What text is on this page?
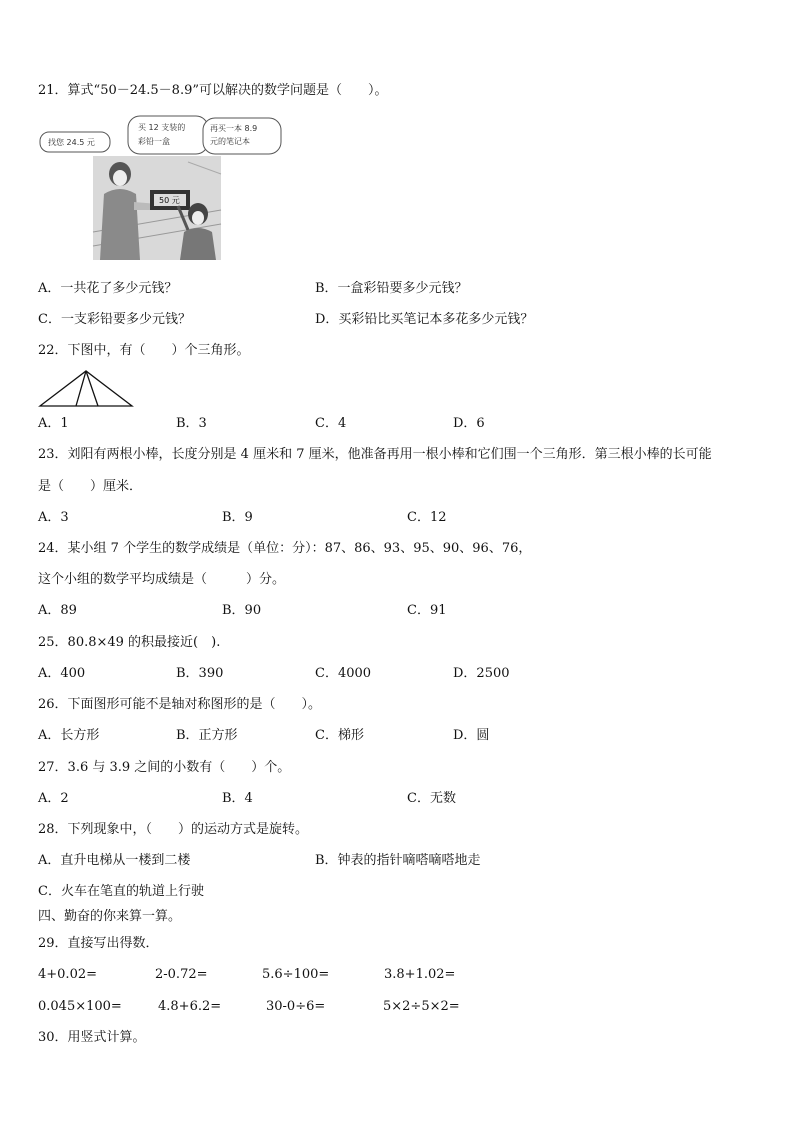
21．算式“50－24.5－8.9”可以解决的数学问题是（　　）。
找您 24.5 元
买 12 支装的
彩铅一盒
再买一本 8.9
元的笔记本
50 元
A．一共花了多少元钱？	B．一盒彩铅要多少元钱？
C．一支彩铅要多少元钱？	D．买彩铅比买笔记本多花多少元钱？
22．下图中，有（　　）个三角形。
A．1	B．3	C．4	D．6
23．刘阳有两根小棒，长度分别是 4 厘米和 7 厘米，他准备再用一根小棒和它们围一个三角形．第三根小棒的长可能
是（　　）厘米．
A．3	B．9	C．12
24．某小组 7 个学生的数学成绩是（单位：分）：87、86、93、95、90、96、76，
这个小组的数学平均成绩是（　　　）分。
A．89	B．90	C．91
25．80.8×49 的积最接近(　).
A．400	B．390	C．4000	D．2500
26．下面图形可能不是轴对称图形的是（　　）。
A．长方形	B．正方形	C．梯形	D．圆
27．3.6 与 3.9 之间的小数有（　　）个。
A．2	B．4	C．无数
28．下列现象中，（　　）的运动方式是旋转。
A．直升电梯从一楼到二楼	B．钟表的指针嘀嗒嘀嗒地走
C．火车在笔直的轨道上行驶
四、勤奋的你来算一算。
29．直接写出得数．
4+0.02=	2-0.72=	5.6÷100=	3.8+1.02=
0.045×100=	4.8+6.2=	30-0÷6=	5×2÷5×2=
30．用竖式计算。
